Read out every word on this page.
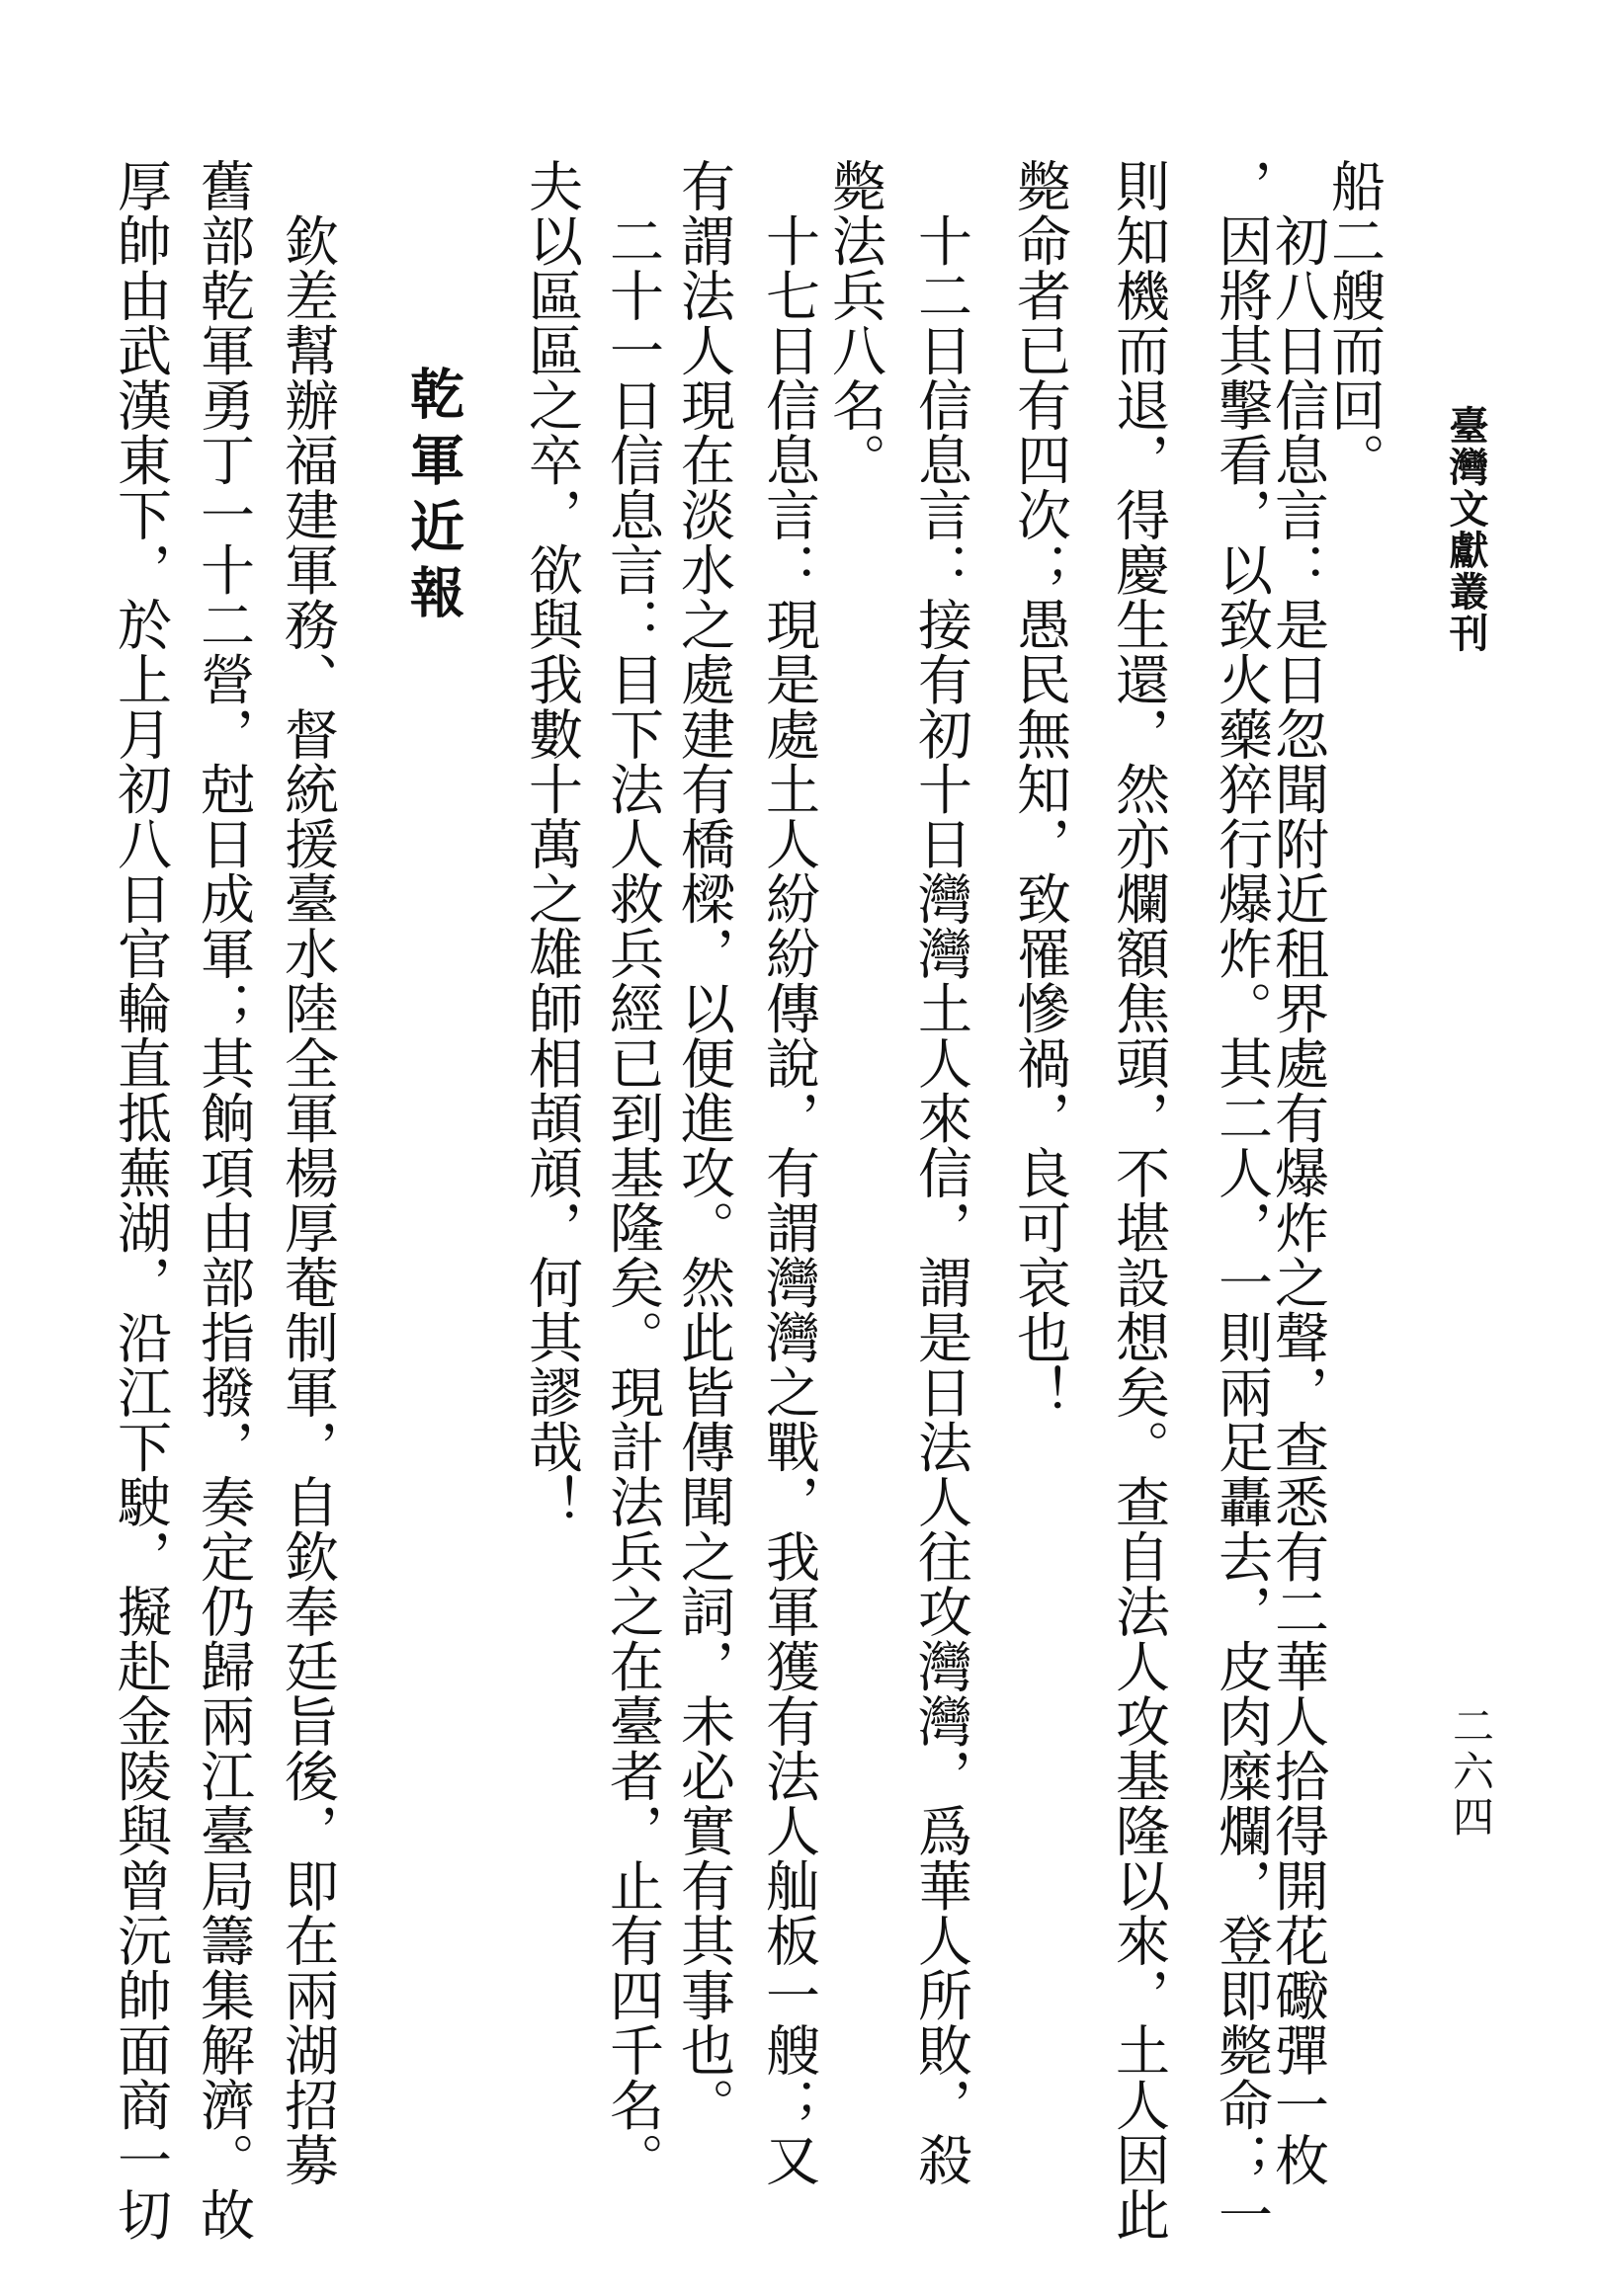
臺灣文獻叢刊
二六四
船二艘而回。
　初八日信息言：是日忽聞附近租界處有爆炸之聲，查悉有二華人拾得開花礮彈一枚
，因將其擊看，以致火藥猝行爆炸。其二人，一則兩足轟去，皮肉糜爛，登即斃命；一
則知機而退，得慶生還，然亦爛額焦頭，不堪設想矣。查自法人攻基隆以來，土人因此
斃命者已有四次；愚民無知，致罹慘禍，良可哀也！
　十二日信息言：接有初十日灣灣土人來信，謂是日法人往攻灣灣，爲華人所敗，殺
斃法兵八名。
　十七日信息言：現是處土人紛紛傳說，有謂灣灣之戰，我軍獲有法人舢板一艘；又
有謂法人現在淡水之處建有橋樑，以便進攻。然此皆傳聞之詞，未必實有其事也。
　二十一日信息言：目下法人救兵經已到基隆矣。現計法兵之在臺者，止有四千名。
夫以區區之卒，欲與我數十萬之雄師相頡頏，何其謬哉！
乾軍近報
　欽差幫辦福建軍務、督統援臺水陸全軍楊厚菴制軍，自欽奉廷旨後，即在兩湖招募
舊部乾軍勇丁一十二營，尅日成軍；其餉項由部指撥，奏定仍歸兩江臺局籌集解濟。故
厚帥由武漢東下，於上月初八日官輪直抵蕪湖，沿江下駛，擬赴金陵與曾沅帥面商一切
